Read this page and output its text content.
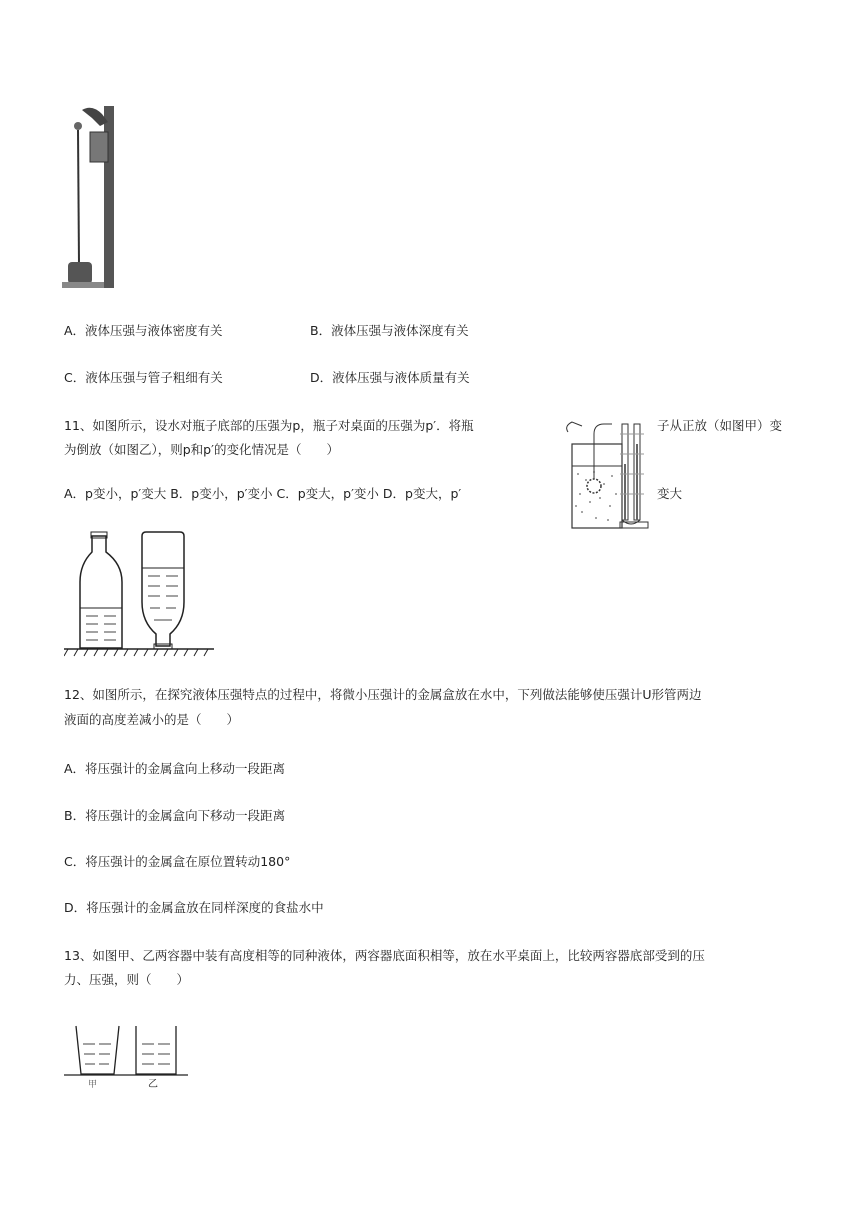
A．液体压强与液体密度有关	B．液体压强与液体深度有关
C．液体压强与管子粗细有关	D．液体压强与液体质量有关
11、如图所示，设水对瓶子底部的压强为p，瓶子对桌面的压强为p′．将瓶	子从正放（如图甲）变
为倒放（如图乙），则p和p′的变化情况是（　　）
A．p变小，p′变大 B．p变小，p′变小 C．p变大，p′变小 D．p变大，p′	变大
12、如图所示，在探究液体压强特点的过程中，将微小压强计的金属盒放在水中，下列做法能够使压强计U形管两边
液面的高度差减小的是（　　）
A．将压强计的金属盒向上移动一段距离
B．将压强计的金属盒向下移动一段距离
C．将压强计的金属盒在原位置转动180°
D．将压强计的金属盒放在同样深度的食盐水中
13、如图甲、乙两容器中装有高度相等的同种液体，两容器底面积相等，放在水平桌面上，比较两容器底部受到的压
力、压强，则（　　）
甲	乙
